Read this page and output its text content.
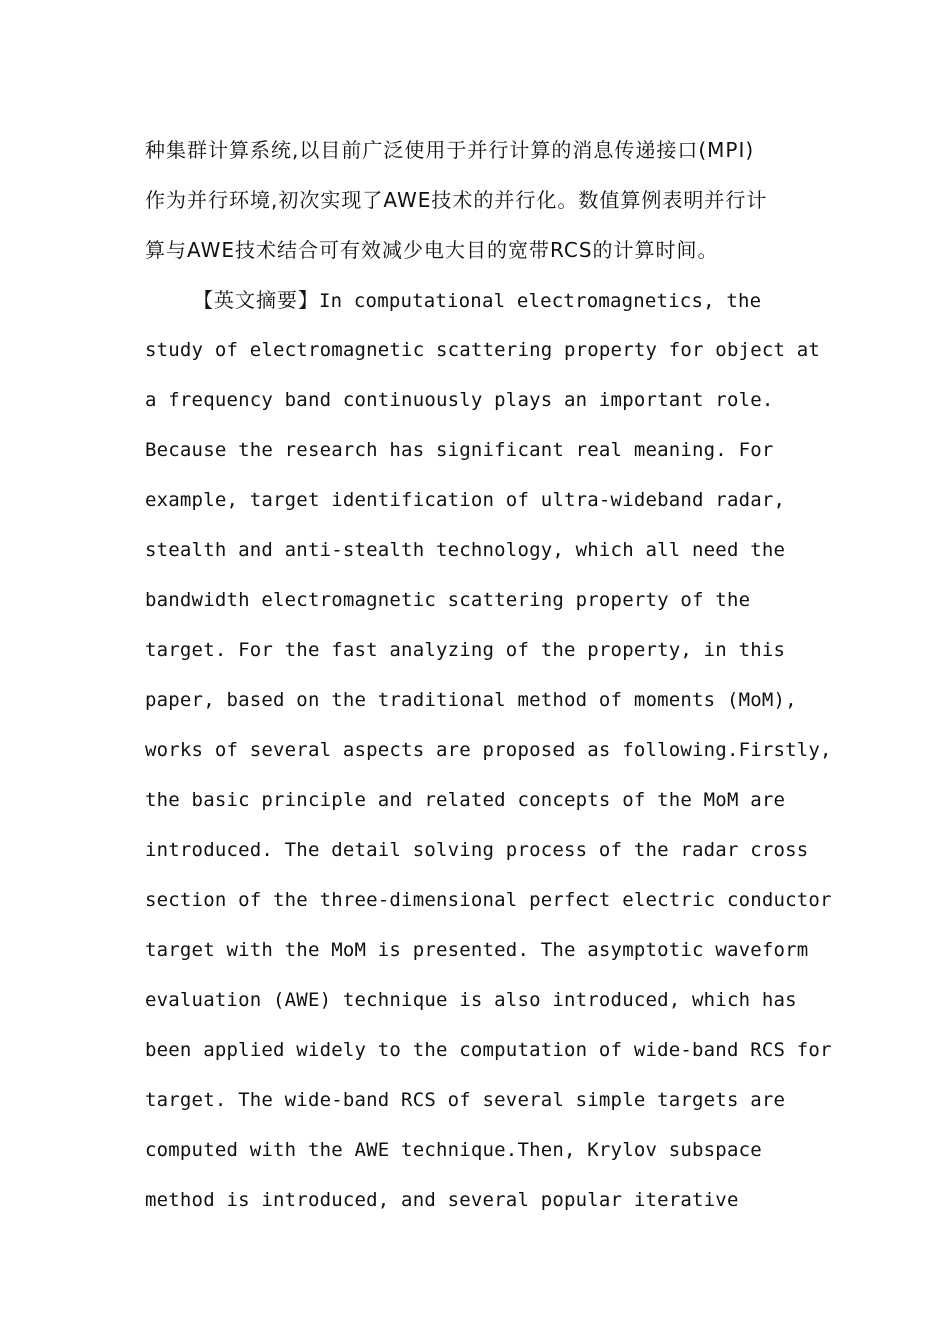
种集群计算系统,以目前广泛使用于并行计算的消息传递接口(MPI)
作为并行环境,初次实现了AWE技术的并行化。数值算例表明并行计
算与AWE技术结合可有效减少电大目的宽带RCS的计算时间。
【英文摘要】In computational electromagnetics, the
study of electromagnetic scattering property for object at
a frequency band continuously plays an important role.
Because the research has significant real meaning. For
example, target identification of ultra-wideband radar,
stealth and anti-stealth technology, which all need the
bandwidth electromagnetic scattering property of the
target. For the fast analyzing of the property, in this
paper, based on the traditional method of moments (MoM),
works of several aspects are proposed as following.Firstly,
the basic principle and related concepts of the MoM are
introduced. The detail solving process of the radar cross
section of the three-dimensional perfect electric conductor
target with the MoM is presented. The asymptotic waveform
evaluation (AWE) technique is also introduced, which has
been applied widely to the computation of wide-band RCS for
target. The wide-band RCS of several simple targets are
computed with the AWE technique.Then, Krylov subspace
method is introduced, and several popular iterative
